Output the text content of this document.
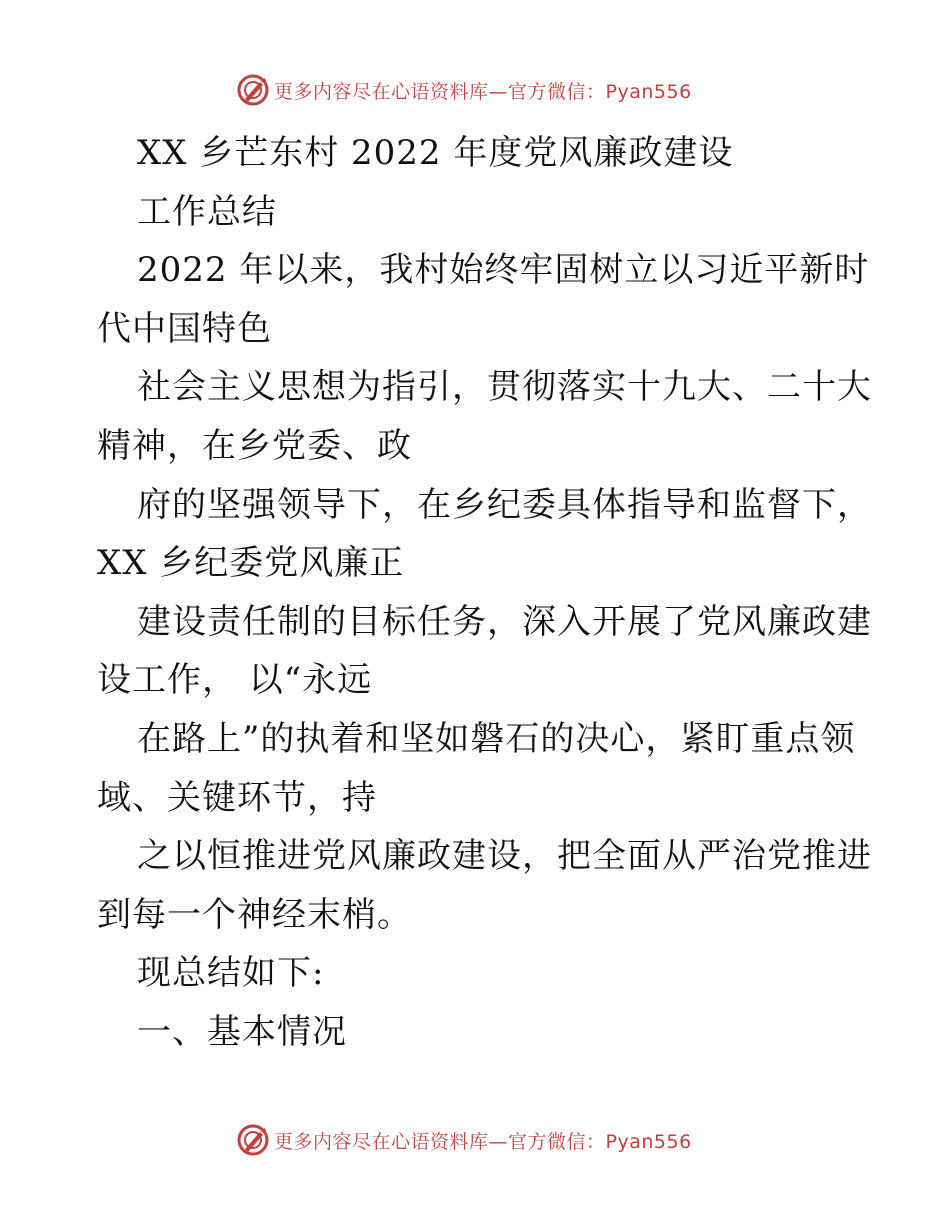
更多内容尽在心语资料库—官方微信：Pyan556
XX 乡芒东村 2022 年度党风廉政建设
工作总结
2022 年以来，我村始终牢固树立以习近平新时
代中国特色
社会主义思想为指引，贯彻落实十九大、二十大
精神，在乡党委、政
府的坚强领导下，在乡纪委具体指导和监督下，
XX 乡纪委党风廉正
建设责任制的目标任务，深入开展了党风廉政建
设工作， 以“永远
在路上”的执着和坚如磐石的决心，紧盯重点领
域、关键环节，持
之以恒推进党风廉政建设，把全面从严治党推进
到每一个神经末梢。
现总结如下:
一、基本情况
更多内容尽在心语资料库—官方微信：Pyan556
